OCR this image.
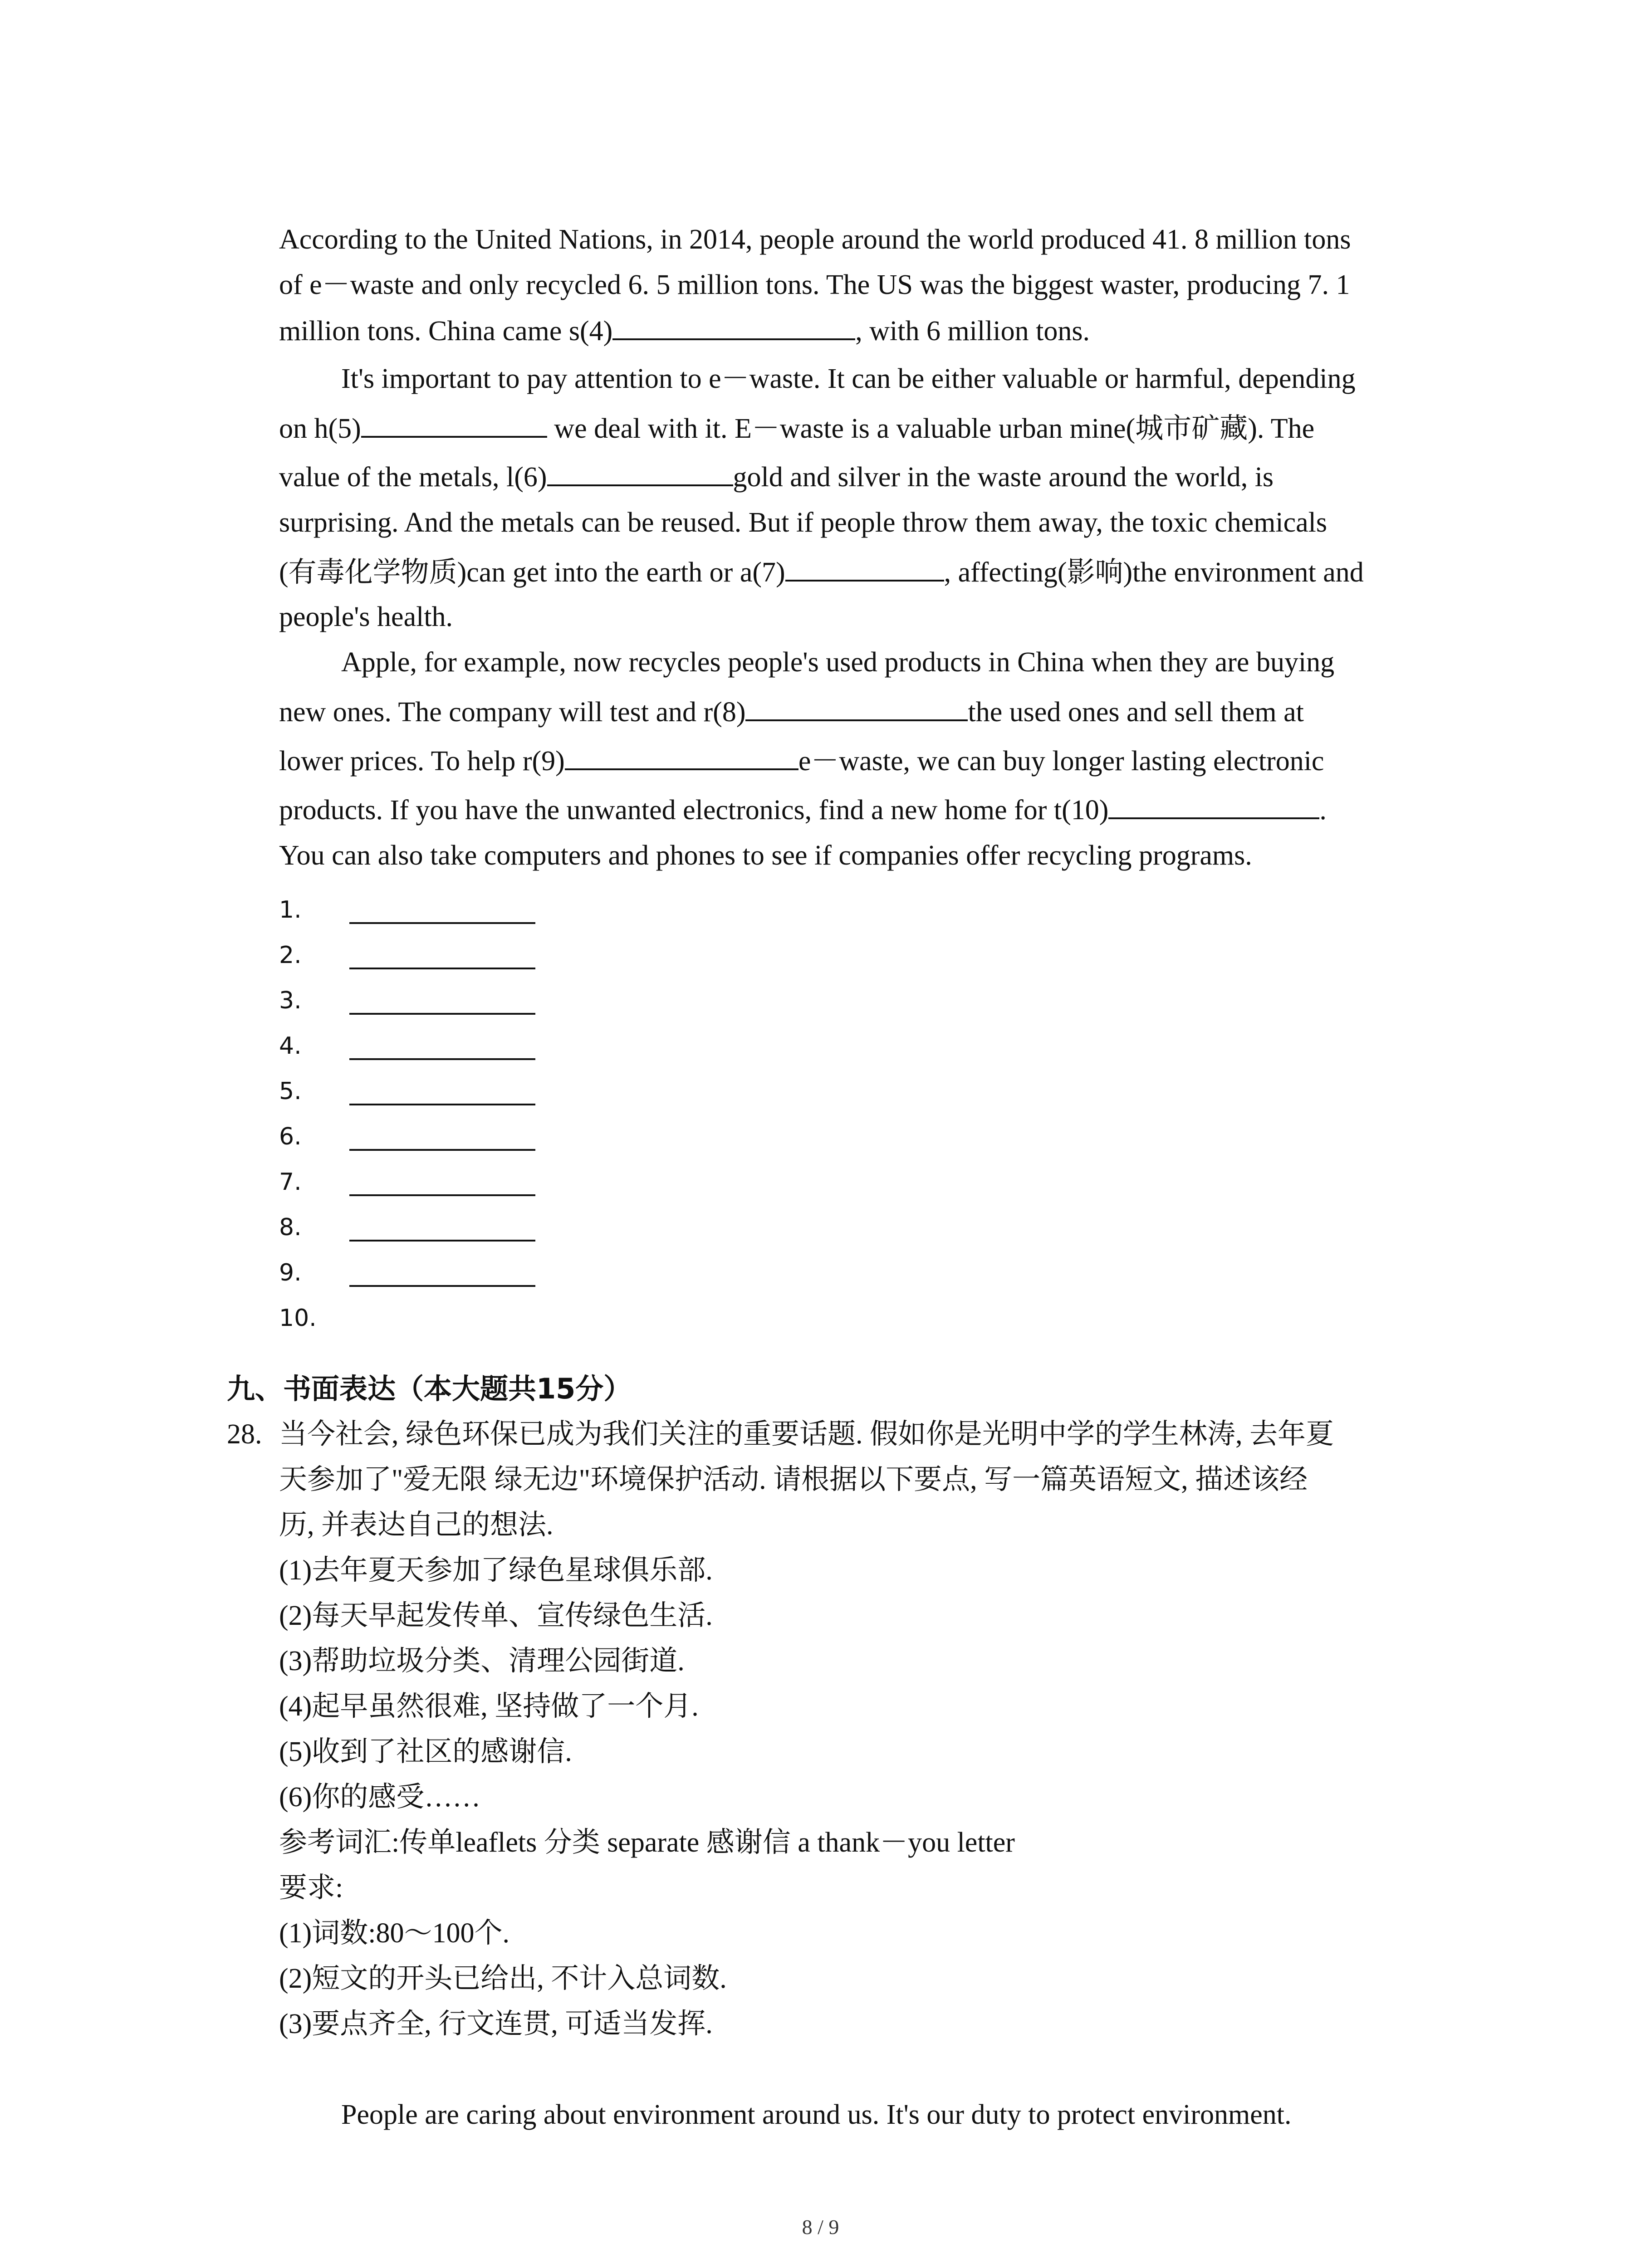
According to the United Nations, in 2014, people around the world produced 41. 8 million tons
of e－waste and only recycled 6. 5 million tons. The US was the biggest waster, producing 7. 1
million tons. China came s(4)	, with 6 million tons.
It's important to pay attention to e－waste. It can be either valuable or harmful, depending
on h(5)	we deal with it. E－waste is a valuable urban mine(城市矿藏). The
value of the metals, l(6)	gold and silver in the waste around the world, is
surprising. And the metals can be reused. But if people throw them away, the toxic chemicals
(有毒化学物质)can get into the earth or a(7)	, affecting(影响)the environment and
people's health.
Apple, for example, now recycles people's used products in China when they are buying
new ones. The company will test and r(8)	the used ones and sell them at
lower prices. To help r(9)	e－waste, we can buy longer lasting electronic
products. If you have the unwanted electronics, find a new home for t(10)	.
You can also take computers and phones to see if companies offer recycling programs.
1.
2.
3.
4.
5.
6.
7.
8.
9.
10.
九、书面表达（本大题共15分）
28. 当今社会, 绿色环保已成为我们关注的重要话题. 假如你是光明中学的学生林涛, 去年夏
天参加了"爱无限 绿无边"环境保护活动. 请根据以下要点, 写一篇英语短文, 描述该经
历, 并表达自己的想法.
(1)去年夏天参加了绿色星球俱乐部.
(2)每天早起发传单、宣传绿色生活.
(3)帮助垃圾分类、清理公园街道.
(4)起早虽然很难, 坚持做了一个月.
(5)收到了社区的感谢信.
(6)你的感受……
参考词汇:传单leaflets 分类 separate 感谢信 a thank－you letter
要求:
(1)词数:80～100个.
(2)短文的开头已给出, 不计入总词数.
(3)要点齐全, 行文连贯, 可适当发挥.
People are caring about environment around us. It's our duty to protect environment.
8 / 9
